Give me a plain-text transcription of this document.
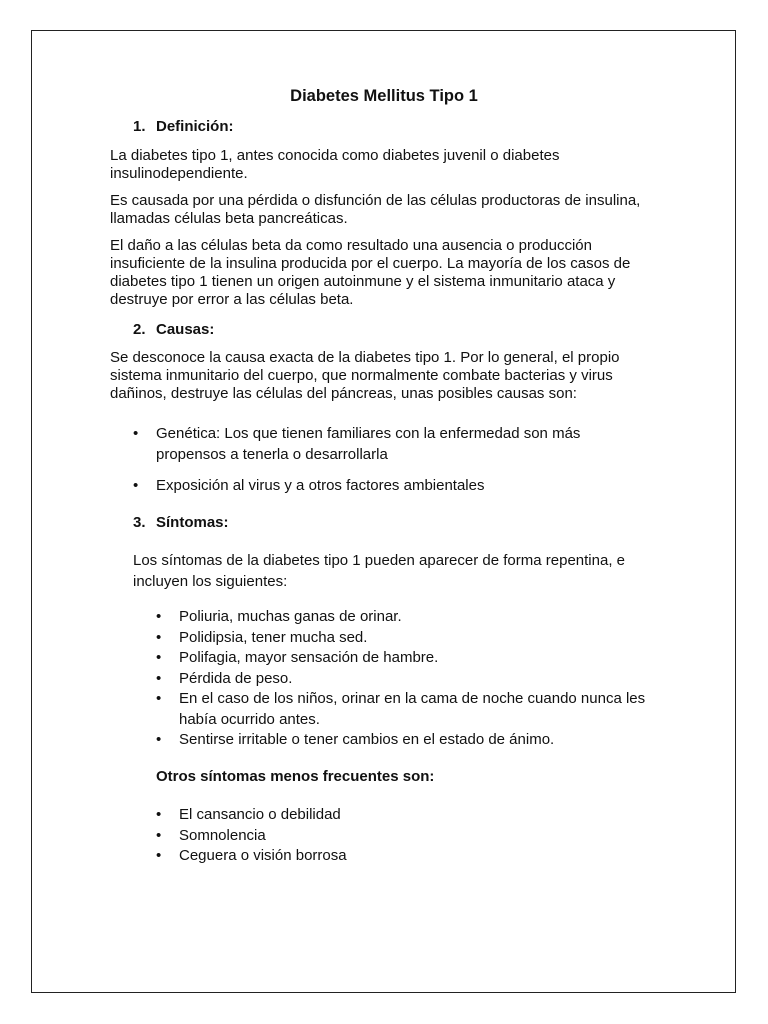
Diabetes Mellitus Tipo 1
1. Definición:

La diabetes tipo 1, antes conocida como diabetes juvenil o diabetes insulinodependiente.

Es causada por una pérdida o disfunción de las células productoras de insulina, llamadas células beta pancreáticas.

El daño a las células beta da como resultado una ausencia o producción insuficiente de la insulina producida por el cuerpo. La mayoría de los casos de diabetes tipo 1 tienen un origen autoinmune y el sistema inmunitario ataca y destruye por error a las células beta.

2. Causas:

Se desconoce la causa exacta de la diabetes tipo 1. Por lo general, el propio sistema inmunitario del cuerpo, que normalmente combate bacterias y virus dañinos, destruye las células del páncreas, unas posibles causas son:

• Genética: Los que tienen familiares con la enfermedad son más propensos a tenerla o desarrollarla
• Exposición al virus y a otros factores ambientales
3. Síntomas:

Los síntomas de la diabetes tipo 1 pueden aparecer de forma repentina, e incluyen los siguientes:

• Poliuria, muchas ganas de orinar.
• Polidipsia, tener mucha sed.
• Polifagia, mayor sensación de hambre.
• Pérdida de peso.
• En el caso de los niños, orinar en la cama de noche cuando nunca les había ocurrido antes.
• Sentirse irritable o tener cambios en el estado de ánimo.
Otros síntomas menos frecuentes son:
• El cansancio o debilidad
• Somnolencia
• Ceguera o visión borrosa
